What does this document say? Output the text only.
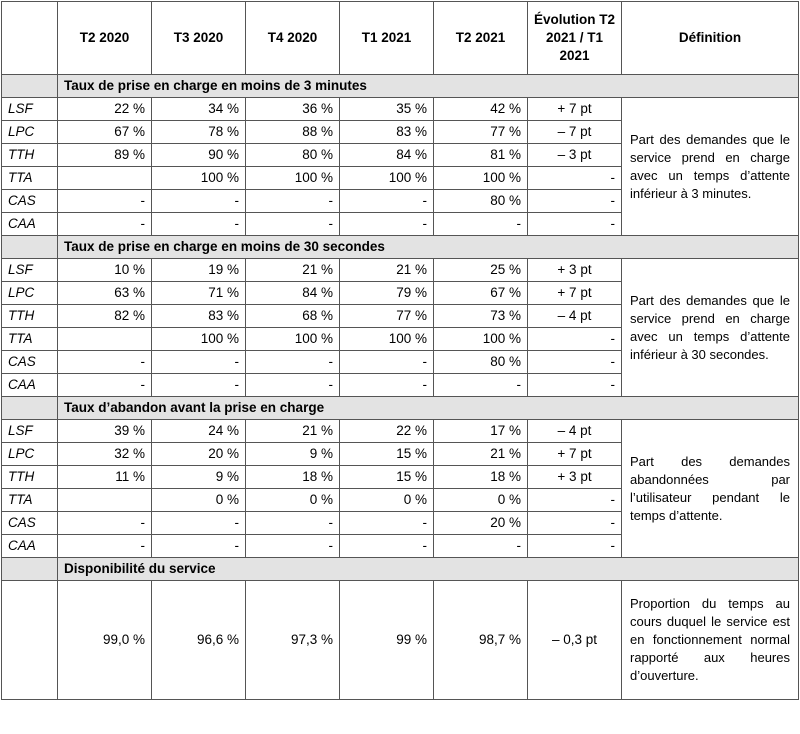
	T2 2020	T3 2020	T4 2020	T1 2021	T2 2021	Évolution T2 2021 / T1 2021	Définition
	Taux de prise en charge en moins de 3 minutes						
LSF	22 %	34 %	36 %	35 %	42 %	+ 7 pt	Part des demandes que le service prend en charge avec un temps d’attente inférieur à 3 minutes.
LPC	67 %	78 %	88 %	83 %	77 %	– 7 pt	
TTH	89 %	90 %	80 %	84 %	81 %	– 3 pt	
TTA		100 %	100 %	100 %	100 %	-	
CAS	-	-	-	-	80 %	-	
CAA	-	-	-	-	-	-	
	Taux de prise en charge en moins de 30 secondes						
LSF	10 %	19 %	21 %	21 %	25 %	+ 3 pt	Part des demandes que le service prend en charge avec un temps d’attente inférieur à 30 secondes.
LPC	63 %	71 %	84 %	79 %	67 %	+ 7 pt	
TTH	82 %	83 %	68 %	77 %	73 %	– 4 pt	
TTA		100 %	100 %	100 %	100 %	-	
CAS	-	-	-	-	80 %	-	
CAA	-	-	-	-	-	-	
	Taux d’abandon avant la prise en charge						
LSF	39 %	24 %	21 %	22 %	17 %	– 4 pt	Part des demandes abandonnées par l’utilisateur pendant le temps d’attente.
LPC	32 %	20 %	9 %	15 %	21 %	+ 7 pt	
TTH	11 %	9 %	18 %	15 %	18 %	+ 3 pt	
TTA		0 %	0 %	0 %	0 %	-	
CAS	-	-	-	-	20 %	-	
CAA	-	-	-	-	-	-	
	Disponibilité du service						
	99,0 %	96,6 %	97,3 %	99 %	98,7 %	– 0,3 pt	Proportion du temps au cours duquel le service est en fonctionnement normal rapporté aux heures d’ouverture.
